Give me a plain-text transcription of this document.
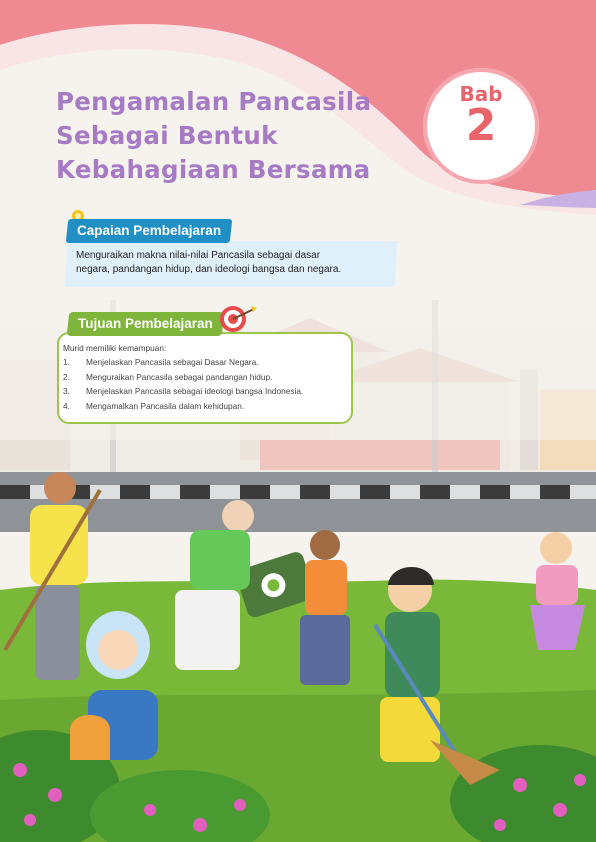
Pengamalan Pancasila
Sebagai Bentuk
Kebahagiaan Bersama
Bab
2
Capaian Pembelajaran
Menguraikan makna nilai-nilai Pancasila sebagai dasar
negara, pandangan hidup, dan ideologi bangsa dan negara.
Tujuan Pembelajaran
Murid memiliki kemampuan:
1.	Menjelaskan Pancasila sebagai Dasar Negara.
2.	Menguraikan Pancasila sebagai pandangan hidup.
3.	Menjelaskan Pancasila sebagai ideologi bangsa Indonesia.
4.	Mengamalkan Pancasila dalam kehidupan.
